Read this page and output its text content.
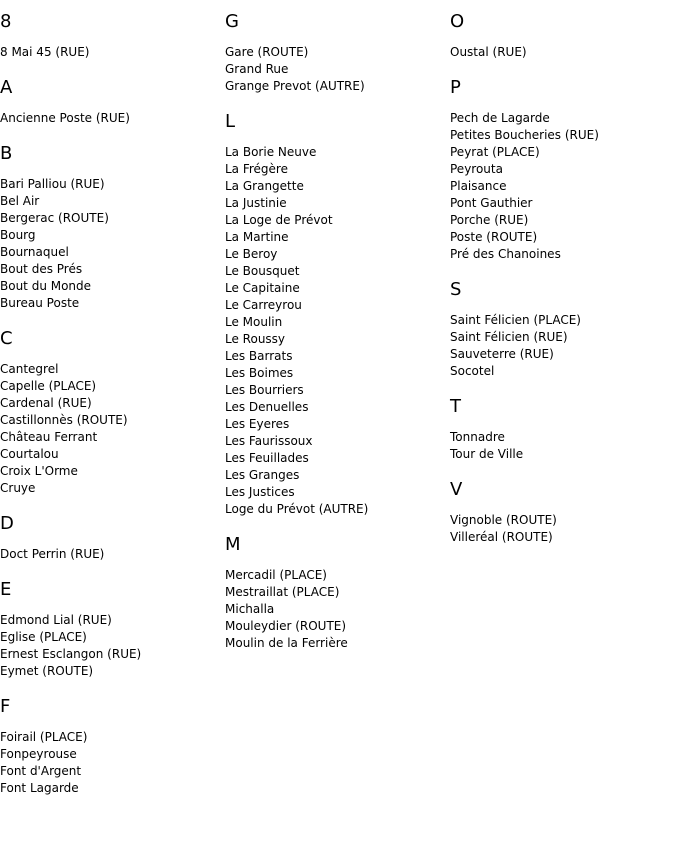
8
8 Mai 45 (RUE)
A
Ancienne Poste (RUE)
B
Bari Palliou (RUE)
Bel Air
Bergerac (ROUTE)
Bourg
Bournaquel
Bout des Prés
Bout du Monde
Bureau Poste
C
Cantegrel
Capelle (PLACE)
Cardenal (RUE)
Castillonnès (ROUTE)
Château Ferrant
Courtalou
Croix L'Orme
Cruye
D
Doct Perrin (RUE)
E
Edmond Lial (RUE)
Eglise (PLACE)
Ernest Esclangon (RUE)
Eymet (ROUTE)
F
Foirail (PLACE)
Fonpeyrouse
Font d'Argent
Font Lagarde
G
Gare (ROUTE)
Grand Rue
Grange Prevot (AUTRE)
L
La Borie Neuve
La Frégère
La Grangette
La Justinie
La Loge de Prévot
La Martine
Le Beroy
Le Bousquet
Le Capitaine
Le Carreyrou
Le Moulin
Le Roussy
Les Barrats
Les Boimes
Les Bourriers
Les Denuelles
Les Eyeres
Les Faurissoux
Les Feuillades
Les Granges
Les Justices
Loge du Prévot (AUTRE)
M
Mercadil (PLACE)
Mestraillat (PLACE)
Michalla
Mouleydier (ROUTE)
Moulin de la Ferrière
O
Oustal (RUE)
P
Pech de Lagarde
Petites Boucheries (RUE)
Peyrat (PLACE)
Peyrouta
Plaisance
Pont Gauthier
Porche (RUE)
Poste (ROUTE)
Pré des Chanoines
S
Saint Félicien (PLACE)
Saint Félicien (RUE)
Sauveterre (RUE)
Socotel
T
Tonnadre
Tour de Ville
V
Vignoble (ROUTE)
Villeréal (ROUTE)
